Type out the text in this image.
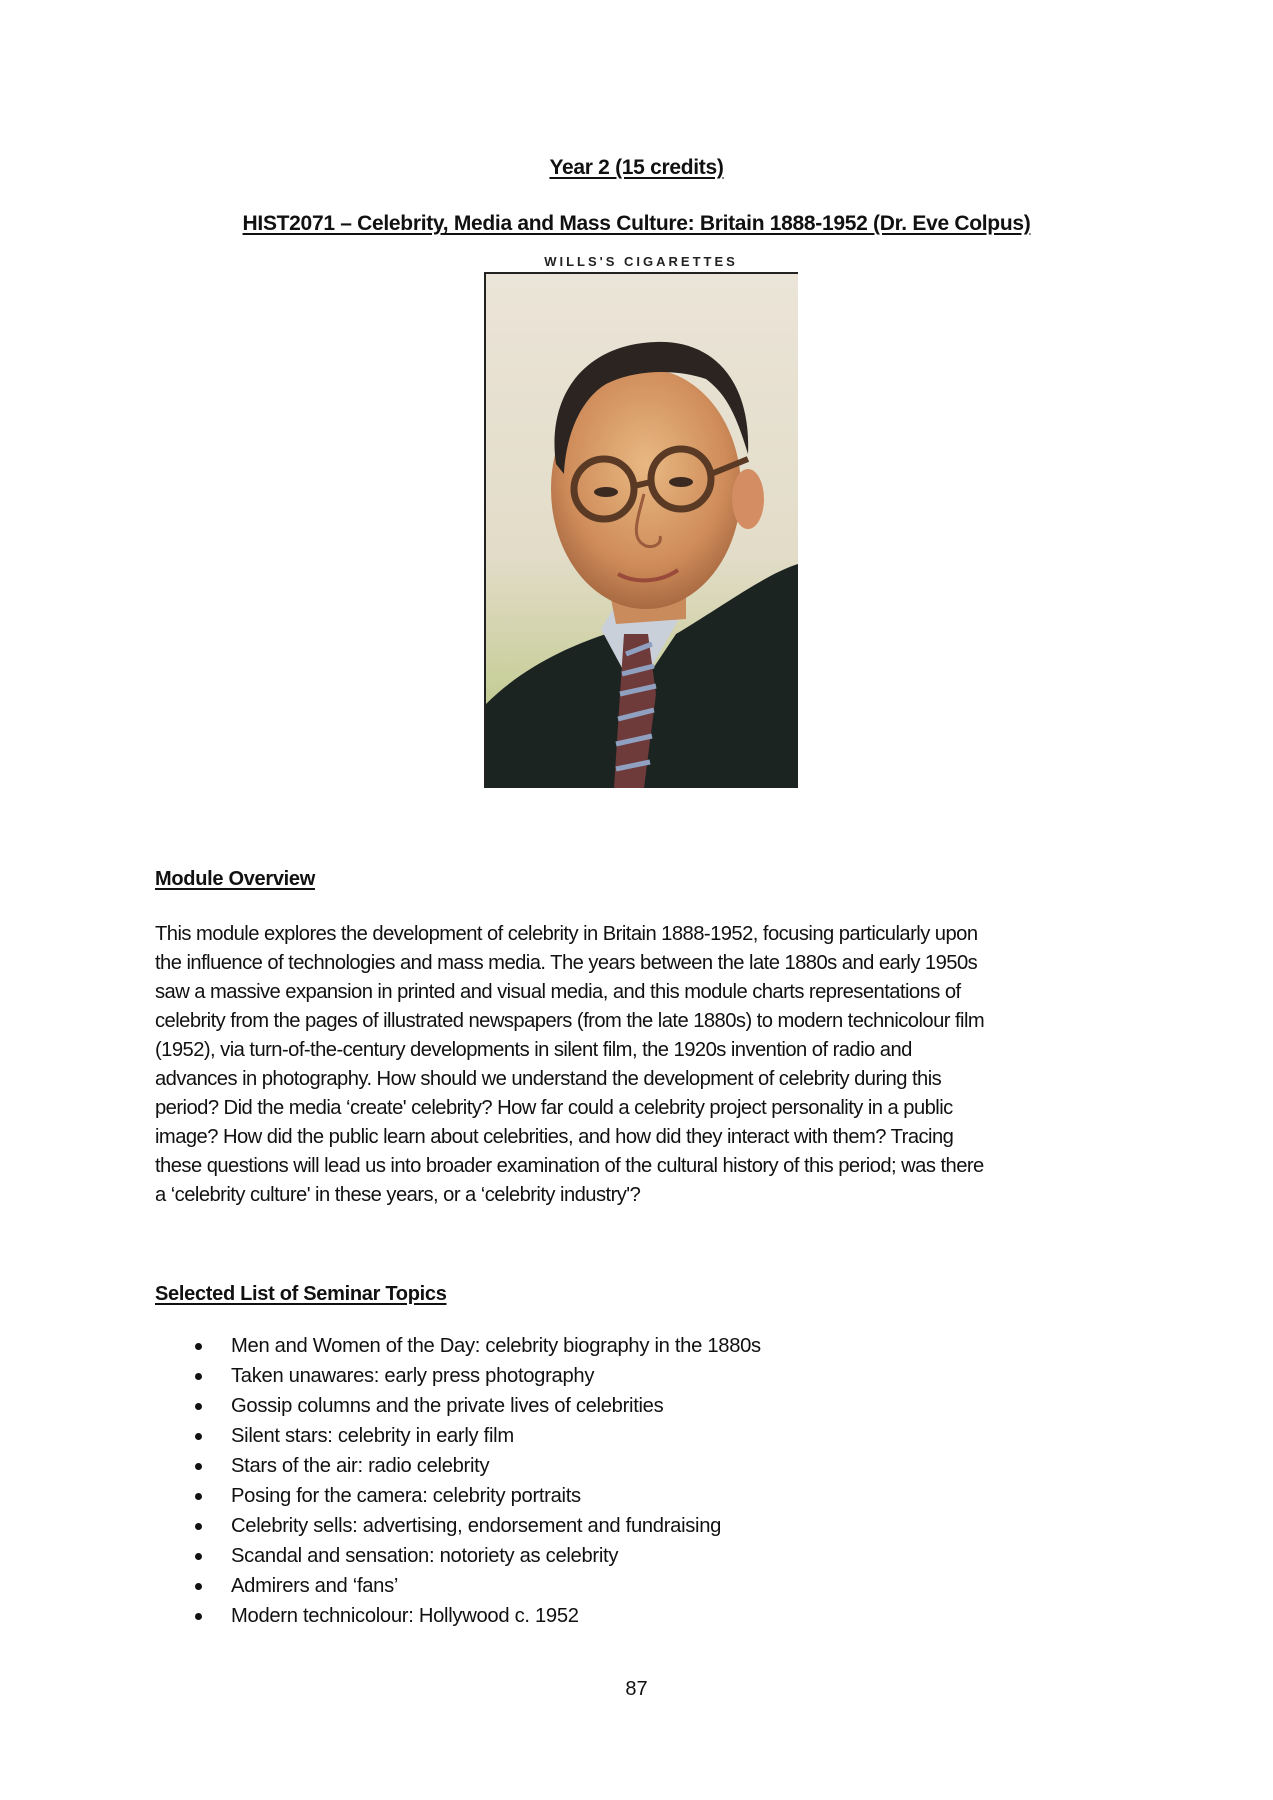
Year 2 (15 credits)
HIST2071 – Celebrity, Media and Mass Culture: Britain 1888-1952 (Dr. Eve Colpus)
WILLS'S CIGARETTES
Module Overview
This module explores the development of celebrity in Britain 1888-1952, focusing particularly upon
the influence of technologies and mass media. The years between the late 1880s and early 1950s
saw a massive expansion in printed and visual media, and this module charts representations of
celebrity from the pages of illustrated newspapers (from the late 1880s) to modern technicolour film
(1952), via turn-of-the-century developments in silent film, the 1920s invention of radio and
advances in photography. How should we understand the development of celebrity during this
period? Did the media ‘create' celebrity? How far could a celebrity project personality in a public
image? How did the public learn about celebrities, and how did they interact with them? Tracing
these questions will lead us into broader examination of the cultural history of this period; was there
a ‘celebrity culture' in these years, or a ‘celebrity industry'?
Selected List of Seminar Topics
Men and Women of the Day: celebrity biography in the 1880s
Taken unawares: early press photography
Gossip columns and the private lives of celebrities
Silent stars: celebrity in early film
Stars of the air: radio celebrity
Posing for the camera: celebrity portraits
Celebrity sells: advertising, endorsement and fundraising
Scandal and sensation: notoriety as celebrity
Admirers and ‘fans’
Modern technicolour: Hollywood c. 1952
87
